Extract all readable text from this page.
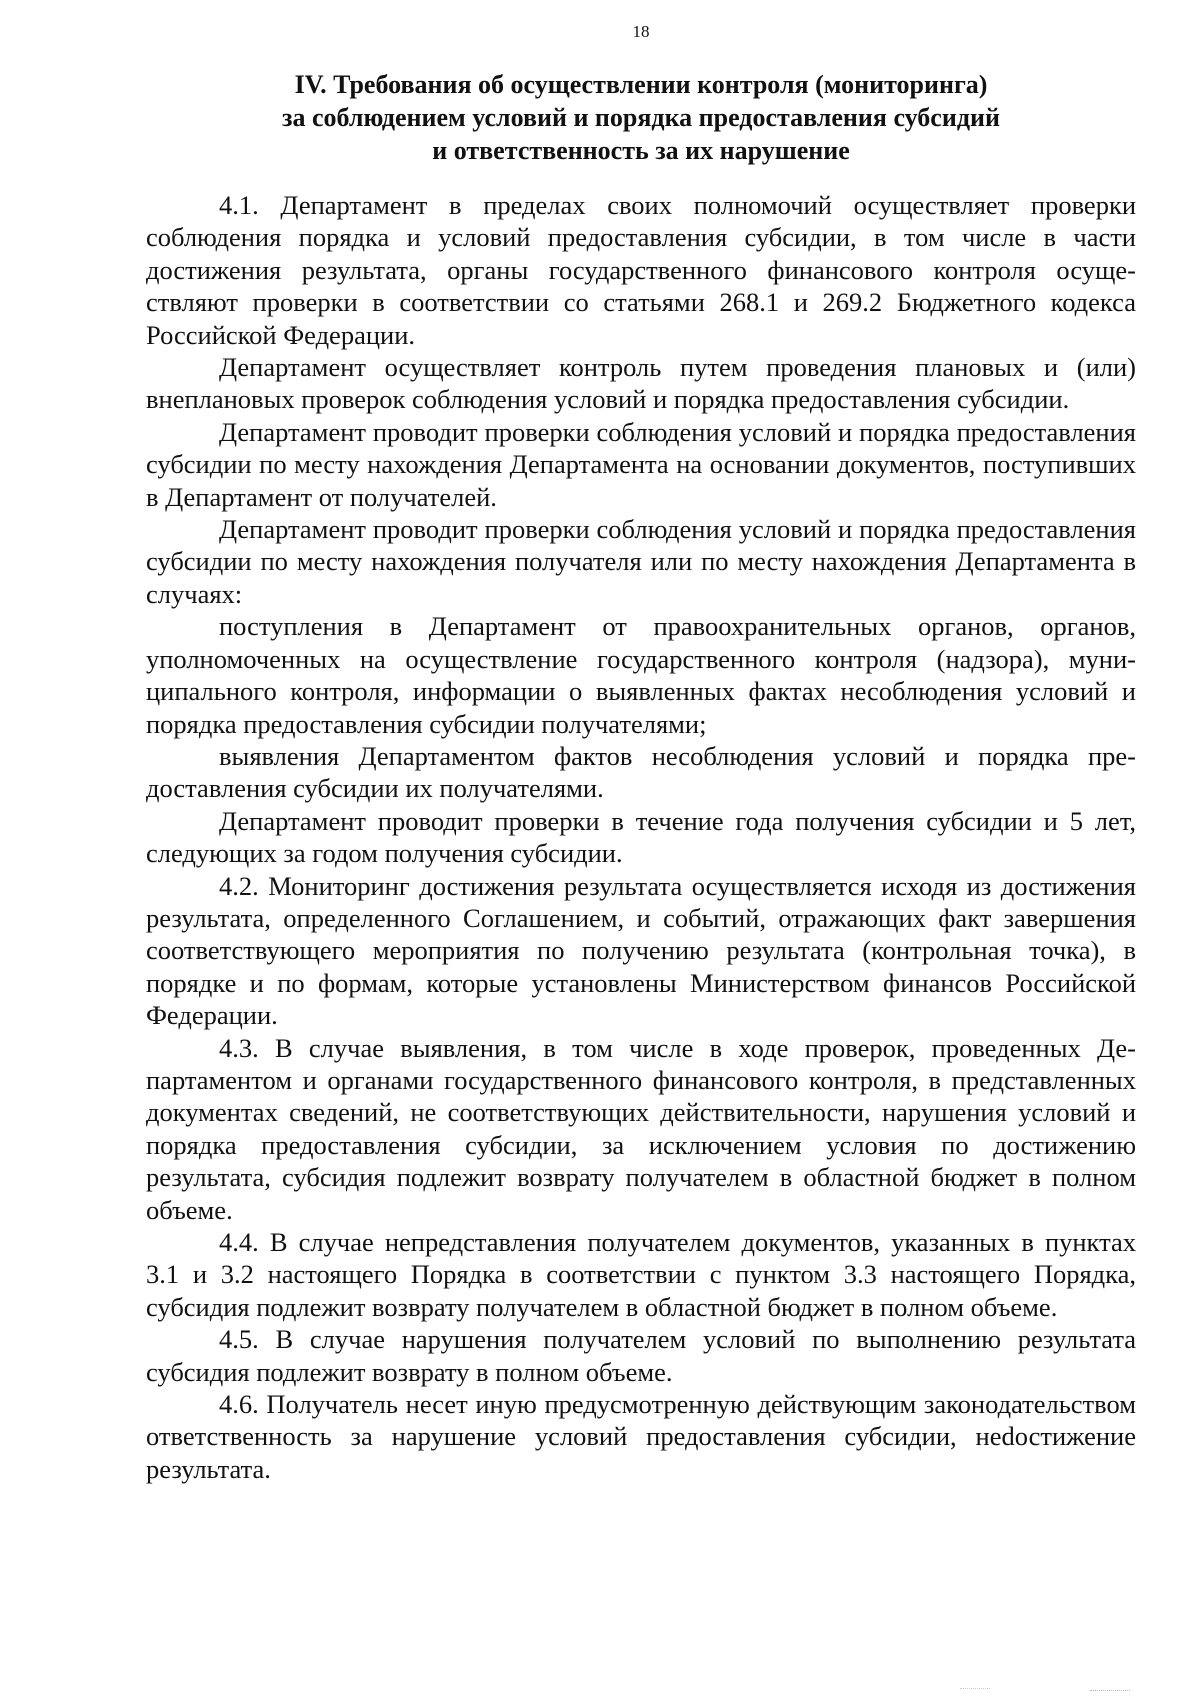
18
IV. Требования об осуществлении контроля (мониторинга)
за соблюдением условий и порядка предоставления субсидий
и ответственность за их нарушение

4.1. Департамент в пределах своих полномочий осуществляет проверки соблюдения порядка и условий предоставления субсидии, в том числе в части достижения результата, органы государственного финансового контроля осуществляют проверки в соответствии со статьями 268.1 и 269.2 Бюджетного кодекса Российской Федерации.

Департамент осуществляет контроль путем проведения плановых и (или) внеплановых проверок соблюдения условий и порядка предоставления субсидии.

Департамент проводит проверки соблюдения условий и порядка предоставления субсидии по месту нахождения Департамента на основании документов, поступивших в Департамент от получателей.

Департамент проводит проверки соблюдения условий и порядка предоставления субсидии по месту нахождения получателя или по месту нахождения Департамента в случаях:

поступления в Департамент от правоохранительных органов, органов, уполномоченных на осуществление государственного контроля (надзора), муниципального контроля, информации о выявленных фактах несоблюдения условий и порядка предоставления субсидии получателями;

выявления Департаментом фактов несоблюдения условий и порядка предоставления субсидии их получателями.

Департамент проводит проверки в течение года получения субсидии и 5 лет, следующих за годом получения субсидии.

4.2. Мониторинг достижения результата осуществляется исходя из достижения результата, определенного Соглашением, и событий, отражающих факт завершения соответствующего мероприятия по получению результата (контрольная точка), в порядке и по формам, которые установлены Министерством финансов Российской Федерации.

4.3. В случае выявления, в том числе в ходе проверок, проведенных Департаментом и органами государственного финансового контроля, в представленных документах сведений, не соответствующих действительности, нарушения условий и порядка предоставления субсидии, за исключением условия по достижению результата, субсидия подлежит возврату получателем в областной бюджет в полном объеме.

4.4. В случае непредставления получателем документов, указанных в пунктах 3.1 и 3.2 настоящего Порядка в соответствии с пунктом 3.3 настоящего Порядка, субсидия подлежит возврату получателем в областной бюджет в полном объеме.

4.5. В случае нарушения получателем условий по выполнению результата субсидия подлежит возврату в полном объеме.

4.6. Получатель несет иную предусмотренную действующим законодательством ответственность за нарушение условий предоставления субсидии, неdостижение результата.
